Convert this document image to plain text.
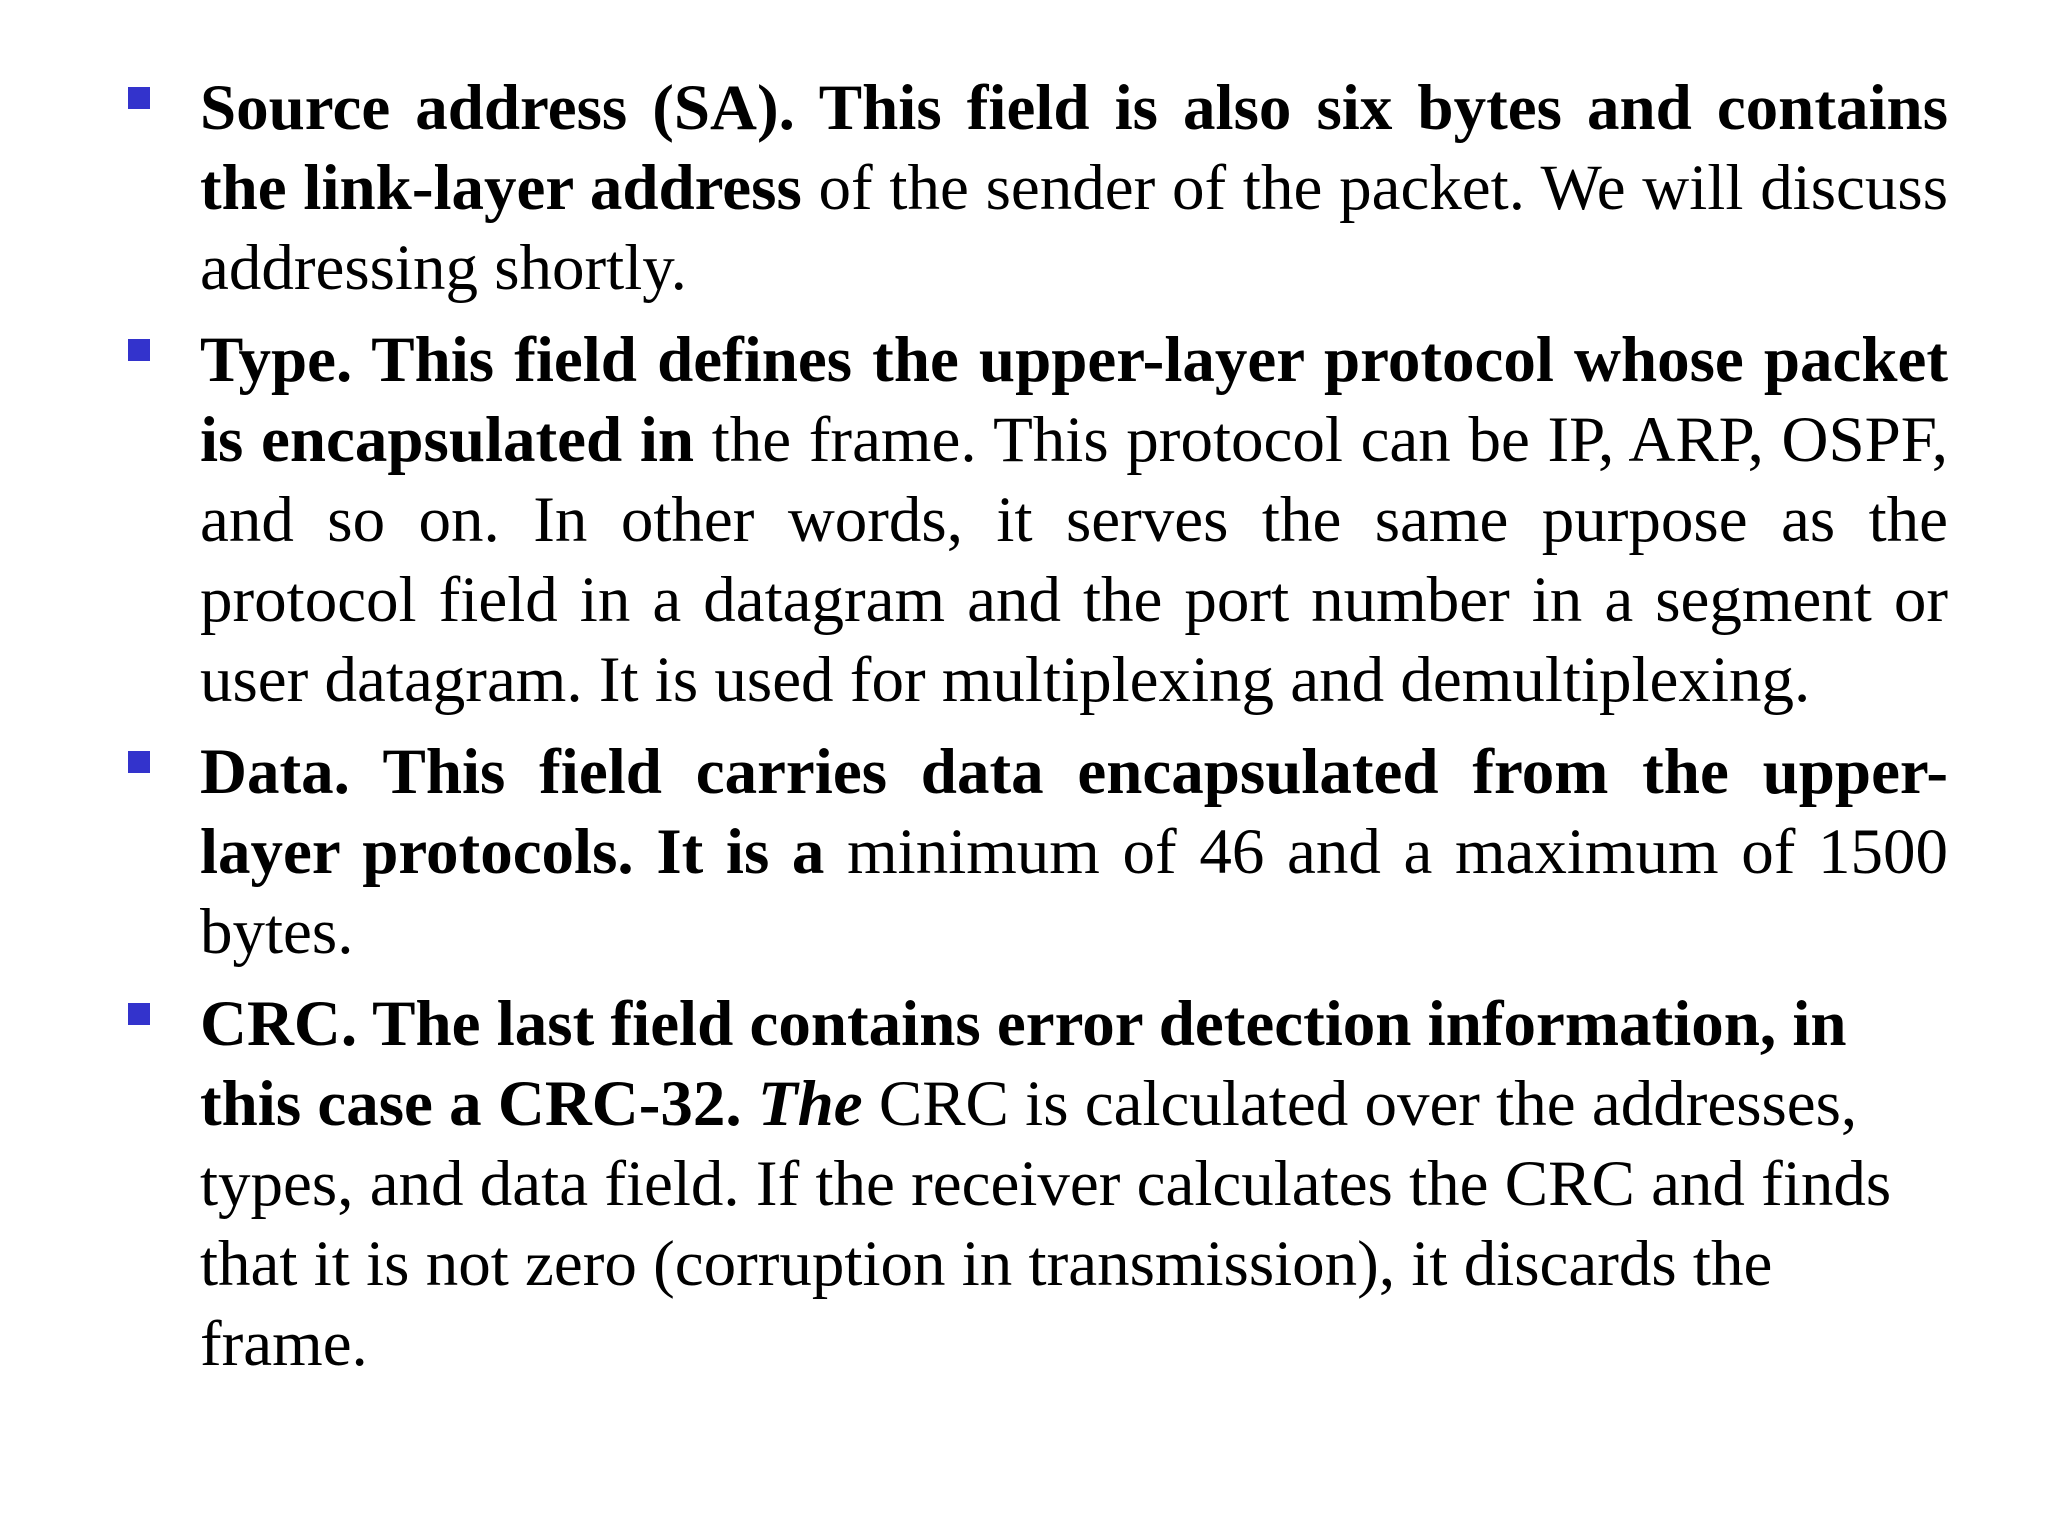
Source address (SA). This field is also six bytes and contains the link-layer address of the sender of the packet. We will discuss addressing shortly.
Type. This field defines the upper-layer protocol whose packet is encapsulated in the frame. This protocol can be IP, ARP, OSPF, and so on. In other words, it serves the same purpose as the protocol field in a datagram and the port number in a segment or user datagram. It is used for multiplexing and demultiplexing.
Data. This field carries data encapsulated from the upper-layer protocols. It is a minimum of 46 and a maximum of 1500 bytes.
CRC. The last field contains error detection information, in this case a CRC-32. The CRC is calculated over the addresses, types, and data field. If the receiver calculates the CRC and finds that it is not zero (corruption in transmission), it discards the frame.
